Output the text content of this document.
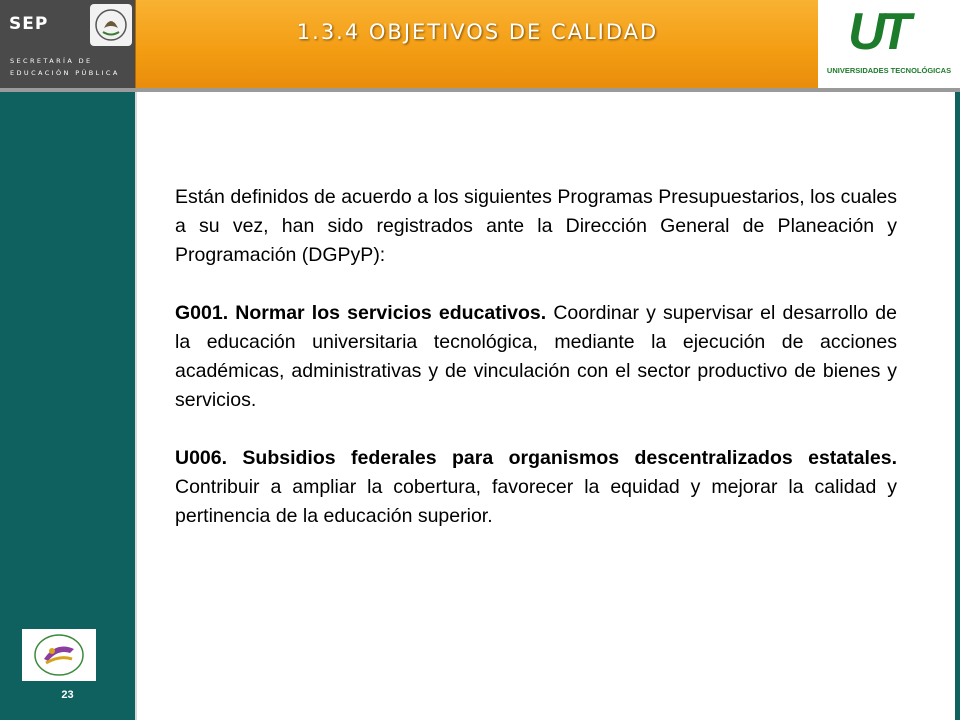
SEP
SECRETARÍA DE
EDUCACIÓN PÚBLICA
1.3.4 OBJETIVOS DE CALIDAD	UT
UNIVERSIDADES TECNOLÓGICAS
23

Están definidos de acuerdo a los siguientes Programas Presupuestarios, los cuales a su vez, han sido registrados ante la Dirección General de Planeación y Programación (DGPyP):

G001. Normar los servicios educativos. Coordinar y supervisar el desarrollo de la educación universitaria tecnológica, mediante la ejecución de acciones académicas, administrativas y de vinculación con el sector productivo de bienes y servicios.

U006. Subsidios federales para organismos descentralizados estatales. Contribuir a ampliar la cobertura, favorecer la equidad y mejorar la calidad y pertinencia de la educación superior.
